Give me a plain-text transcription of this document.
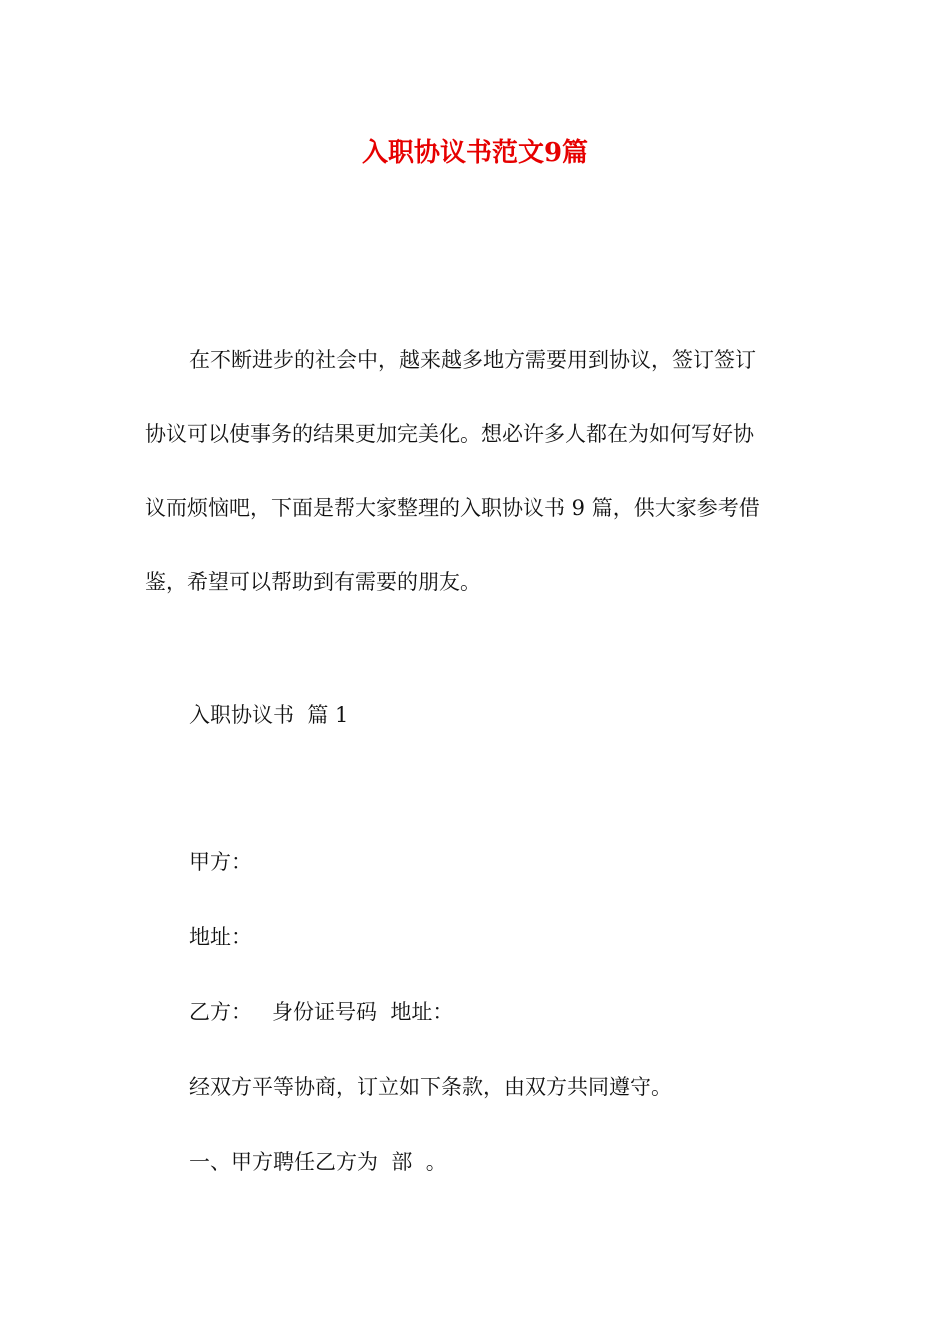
入职协议书范文9篇
在不断进步的社会中，越来越多地方需要用到协议，签订签订
协议可以使事务的结果更加完美化。想必许多人都在为如何写好协
议而烦恼吧，下面是帮大家整理的入职协议书 9 篇，供大家参考借
鉴，希望可以帮助到有需要的朋友。
入职协议书  篇 1
甲方：
地址：
乙方：   身份证号码  地址：
经双方平等协商，订立如下条款，由双方共同遵守。
一、甲方聘任乙方为  部  。
